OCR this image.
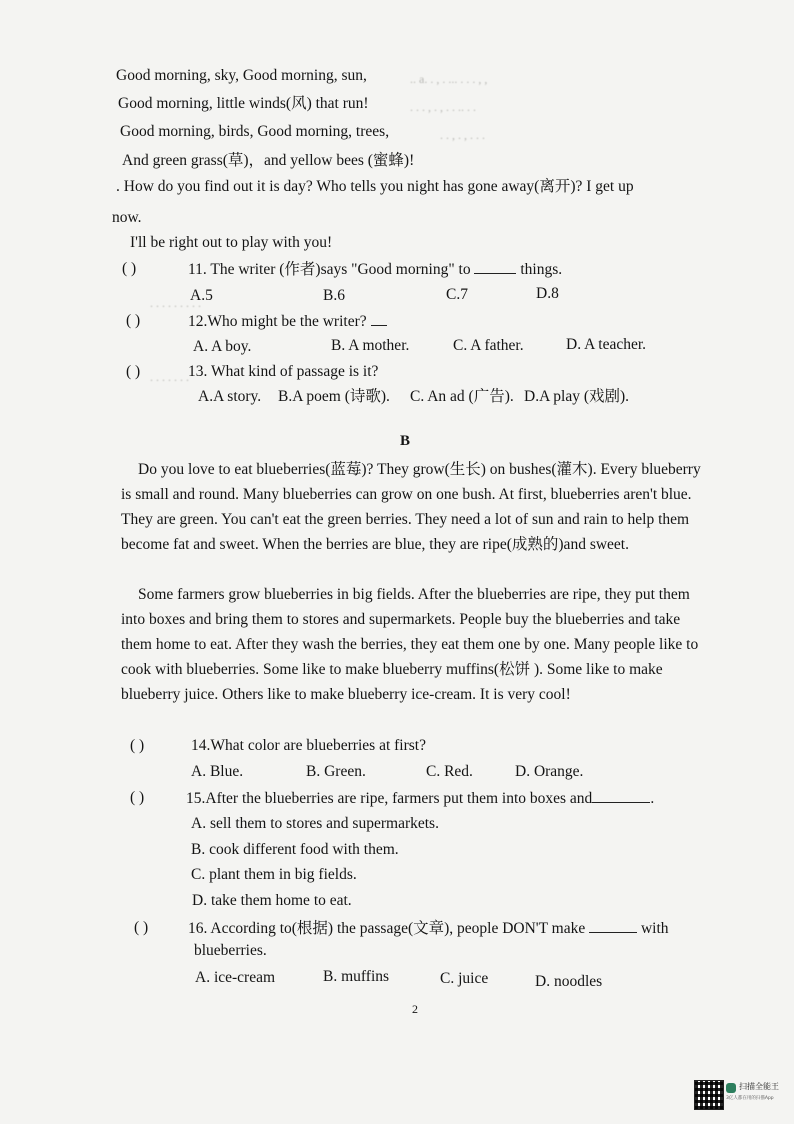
.. a. . , . ... . . . , ,
. . . , . , . . .. . .
. . , . , . . .
. . . . . . . . .
. . . . . . .
Good morning, sky, Good morning, sun,
Good morning, little winds(风) that run!
Good morning, birds, Good morning, trees,
And green grass(草)，and yellow bees (蜜蜂)!
. How do you find out it is day? Who tells you night has gone away(离开)? I get up
now.
I'll be right out to play with you!
( )	11. The writer (作者)says "Good morning" to	things.
A.5	B.6	C.7	D.8
( )	12.Who might be the writer?
A. A boy.	B. A mother.	C. A father.	D. A teacher.
( )	13. What kind of passage is it?
A.A story. B.A poem (诗歌). C. An ad (广告). D.A play (戏剧).
B
Do you love to eat blueberries(蓝莓)? They grow(生长) on bushes(灌木). Every blueberry is small and round. Many blueberries can grow on one bush. At first, blueberries aren't blue. They are green. You can't eat the green berries. They need a lot of sun and rain to help them become fat and sweet. When the berries are blue, they are ripe(成熟的)and sweet.
Some farmers grow blueberries in big fields. After the blueberries are ripe, they put them into boxes and bring them to stores and supermarkets. People buy the blueberries and take them home to eat. After they wash the berries, they eat them one by one. Many people like to cook with blueberries. Some like to make blueberry muffins(松饼 ). Some like to make blueberry juice. Others like to make blueberry ice-cream. It is very cool!
( )	14.What color are blueberries at first?
A. Blue.	B. Green.	C. Red.	D. Orange.
( )	15.After the blueberries are ripe, farmers put them into boxes and	.
A. sell them to stores and supermarkets.
B. cook different food with them.
C. plant them in big fields.
D. take them home to eat.
( )	16. According to(根据) the passage(文章), people DON'T make	with
blueberries.
A. ice-cream	B. muffins	C. juice	D. noodles
2
扫描全能王
3亿人都在用的扫描App
